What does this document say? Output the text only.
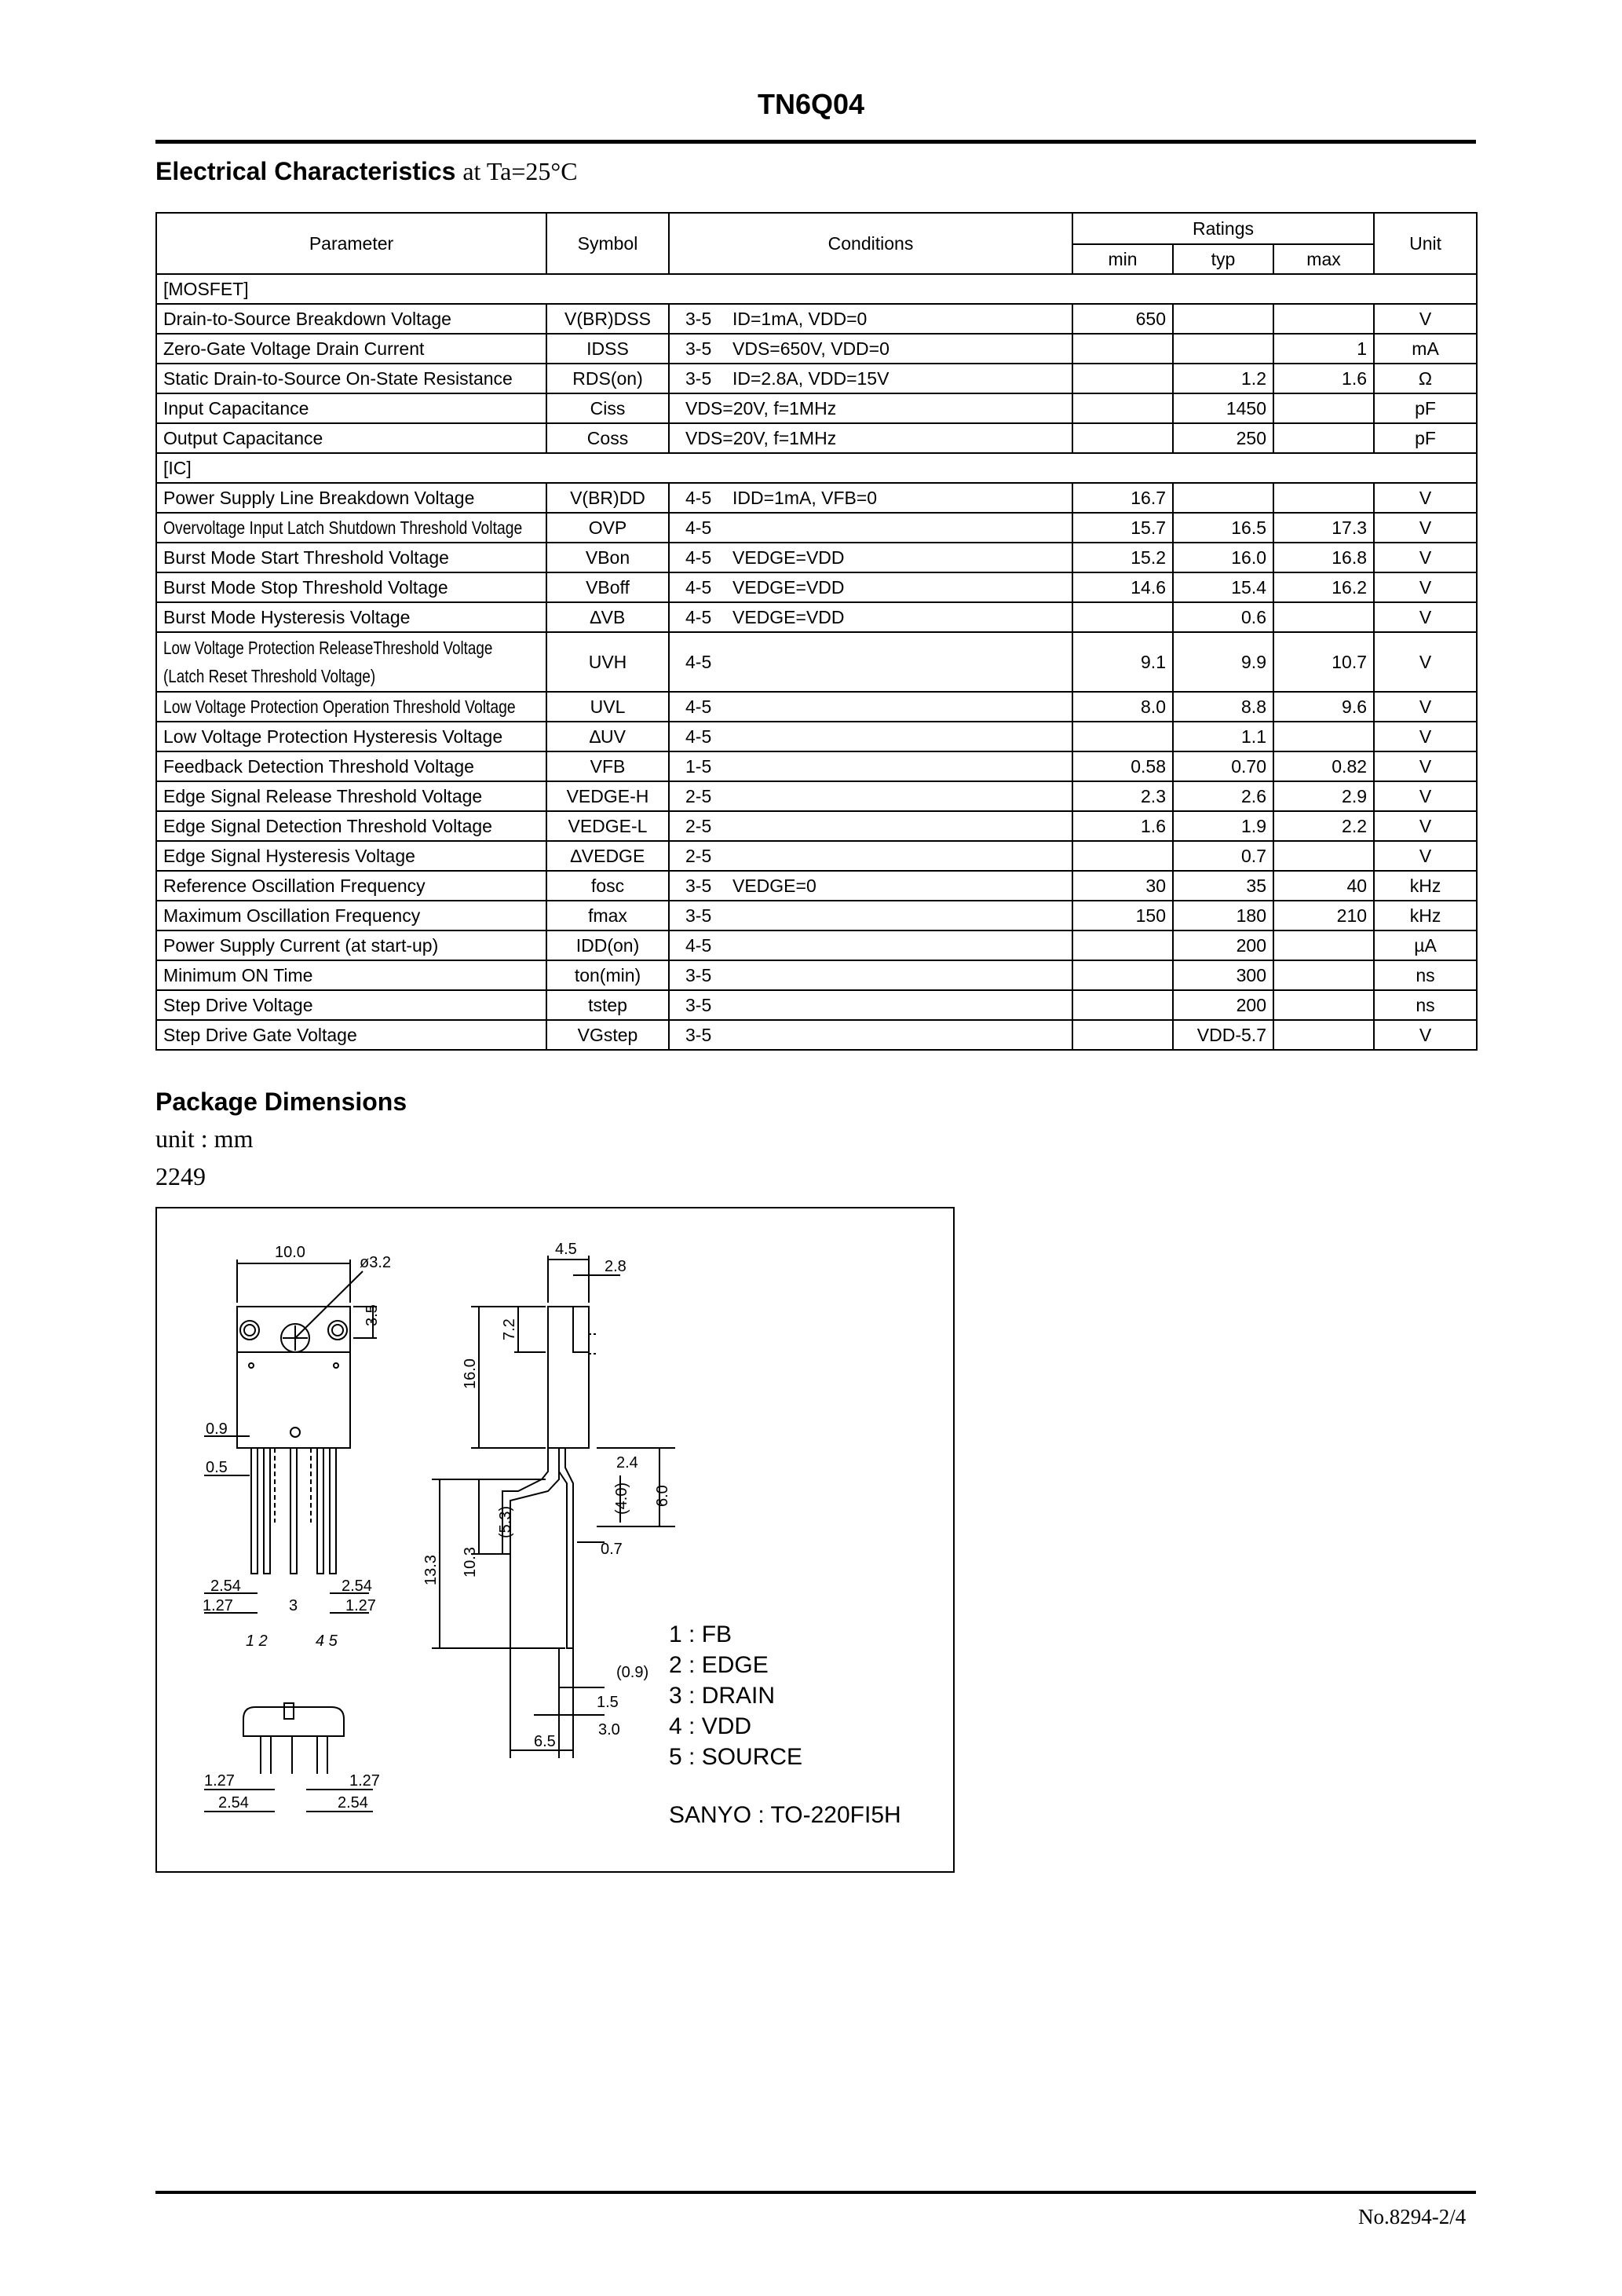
TN6Q04
Electrical Characteristics at Ta=25°C
Parameter	Symbol	Conditions	Ratings			Unit
			min	typ	max	
[MOSFET]						
Drain-to-Source Breakdown Voltage	V(BR)DSS	3-5 ID=1mA, VDD=0	650			V
Zero-Gate Voltage Drain Current	IDSS	3-5 VDS=650V, VDD=0			1	mA
Static Drain-to-Source On-State Resistance	RDS(on)	3-5 ID=2.8A, VDD=15V		1.2	1.6	Ω
Input Capacitance	Ciss	VDS=20V, f=1MHz		1450		pF
Output Capacitance	Coss	VDS=20V, f=1MHz		250		pF
[IC]						
Power Supply Line Breakdown Voltage	V(BR)DD	4-5 IDD=1mA, VFB=0	16.7			V
Overvoltage Input Latch Shutdown Threshold Voltage	OVP	4-5	15.7	16.5	17.3	V
Burst Mode Start Threshold Voltage	VBon	4-5 VEDGE=VDD	15.2	16.0	16.8	V
Burst Mode Stop Threshold Voltage	VBoff	4-5 VEDGE=VDD	14.6	15.4	16.2	V
Burst Mode Hysteresis Voltage	∆VB	4-5 VEDGE=VDD		0.6		V
Low Voltage Protection ReleaseThreshold Voltage
(Latch Reset Threshold Voltage)	UVH	4-5	9.1	9.9	10.7	V
Low Voltage Protection Operation Threshold Voltage	UVL	4-5	8.0	8.8	9.6	V
Low Voltage Protection Hysteresis Voltage	∆UV	4-5		1.1		V
Feedback Detection Threshold Voltage	VFB	1-5	0.58	0.70	0.82	V
Edge Signal Release Threshold Voltage	VEDGE-H	2-5	2.3	2.6	2.9	V
Edge Signal Detection Threshold Voltage	VEDGE-L	2-5	1.6	1.9	2.2	V
Edge Signal Hysteresis Voltage	∆VEDGE	2-5		0.7		V
Reference Oscillation Frequency	fosc	3-5 VEDGE=0	30	35	40	kHz
Maximum Oscillation Frequency	fmax	3-5	150	180	210	kHz
Power Supply Current (at start-up)	IDD(on)	4-5		200		µA
Minimum ON Time	ton(min)	3-5		300		ns
Step Drive Voltage	tstep	3-5		200		ns
Step Drive Gate Voltage	VGstep	3-5		VDD-5.7		V
Package Dimensions
unit : mm
2249
10.0
ø3.2
3.5
4.5
2.8
7.2
16.0
2.4
(4.0) 6.0
0.9
0.5
13.3 10.3
(5.3)
0.7
2.54	2.54
1.27	1.27
3
1 2	4 5
(0.9)
1.5
3.0
6.5
1.27	1.27
2.54	2.54
1 : FB
2 : EDGE
3 : DRAIN
4 : VDD
5 : SOURCE
SANYO : TO-220FI5H
No.8294-2/4
